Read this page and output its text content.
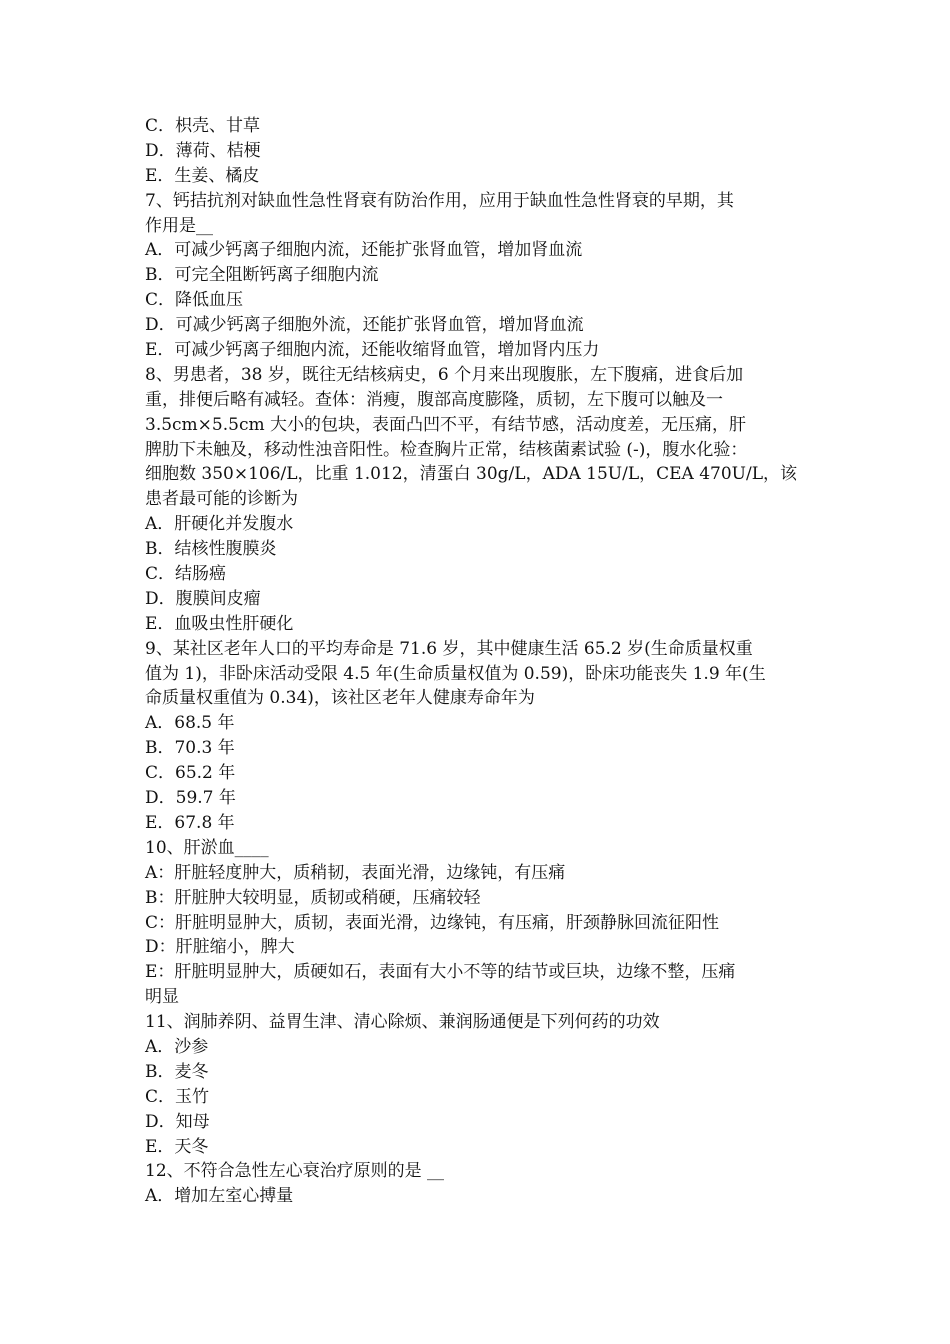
C．枳壳、甘草
D．薄荷、桔梗
E．生姜、橘皮
7、钙拮抗剂对缺血性急性肾衰有防治作用，应用于缺血性急性肾衰的早期，其
作用是__
A．可减少钙离子细胞内流，还能扩张肾血管，增加肾血流
B．可完全阻断钙离子细胞内流
C．降低血压
D．可减少钙离子细胞外流，还能扩张肾血管，增加肾血流
E．可减少钙离子细胞内流，还能收缩肾血管，增加肾内压力
8、男患者，38 岁，既往无结核病史，6 个月来出现腹胀，左下腹痛，进食后加
重，排便后略有减轻。查体：消瘦，腹部高度膨隆，质韧，左下腹可以触及一
3.5cm×5.5cm 大小的包块，表面凸凹不平，有结节感，活动度差，无压痛，肝
脾肋下未触及，移动性浊音阳性。检查胸片正常，结核菌素试验 (-)，腹水化验：
细胞数 350×106/L，比重 1.012，清蛋白 30g/L，ADA 15U/L，CEA 470U/L，该
患者最可能的诊断为
A．肝硬化并发腹水
B．结核性腹膜炎
C．结肠癌
D．腹膜间皮瘤
E．血吸虫性肝硬化
9、某社区老年人口的平均寿命是 71.6 岁，其中健康生活 65.2 岁(生命质量权重
值为 1)，非卧床活动受限 4.5 年(生命质量权值为 0.59)，卧床功能丧失 1.9 年(生
命质量权重值为 0.34)，该社区老年人健康寿命年为
A．68.5 年
B．70.3 年
C．65.2 年
D．59.7 年
E．67.8 年
10、肝淤血____
A：肝脏轻度肿大，质稍韧，表面光滑，边缘钝，有压痛
B：肝脏肿大较明显，质韧或稍硬，压痛较轻
C：肝脏明显肿大，质韧，表面光滑，边缘钝，有压痛，肝颈静脉回流征阳性
D：肝脏缩小，脾大
E：肝脏明显肿大，质硬如石，表面有大小不等的结节或巨块，边缘不整，压痛
明显
11、润肺养阴、益胃生津、清心除烦、兼润肠通便是下列何药的功效
A．沙参
B．麦冬
C．玉竹
D．知母
E．天冬
12、不符合急性左心衰治疗原则的是 __
A．增加左室心搏量
